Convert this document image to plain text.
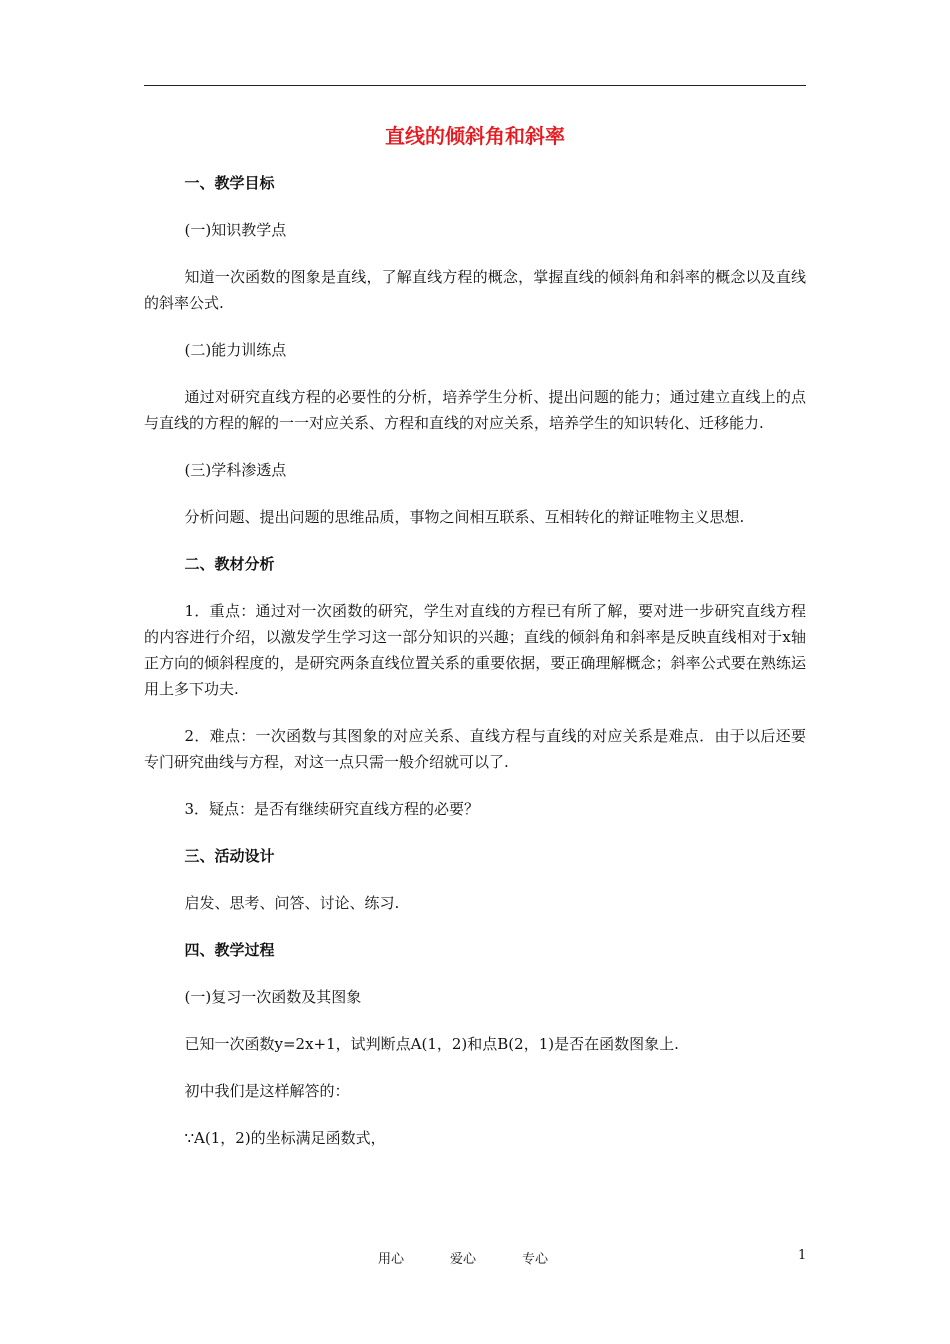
直线的倾斜角和斜率

一、教学目标

(一)知识教学点

知道一次函数的图象是直线，了解直线方程的概念，掌握直线的倾斜角和斜率的概念以及直线的斜率公式.

(二)能力训练点

通过对研究直线方程的必要性的分析，培养学生分析、提出问题的能力；通过建立直线上的点与直线的方程的解的一一对应关系、方程和直线的对应关系，培养学生的知识转化、迁移能力.

(三)学科渗透点

分析问题、提出问题的思维品质，事物之间相互联系、互相转化的辩证唯物主义思想.

二、教材分析

1．重点：通过对一次函数的研究，学生对直线的方程已有所了解，要对进一步研究直线方程的内容进行介绍，以激发学生学习这一部分知识的兴趣；直线的倾斜角和斜率是反映直线相对于x轴正方向的倾斜程度的，是研究两条直线位置关系的重要依据，要正确理解概念；斜率公式要在熟练运用上多下功夫.

2．难点：一次函数与其图象的对应关系、直线方程与直线的对应关系是难点．由于以后还要专门研究曲线与方程，对这一点只需一般介绍就可以了.

3．疑点：是否有继续研究直线方程的必要？

三、活动设计

启发、思考、问答、讨论、练习.

四、教学过程

(一)复习一次函数及其图象

已知一次函数y=2x+1，试判断点A(1，2)和点B(2，1)是否在函数图象上.

初中我们是这样解答的：

∵A(1，2)的坐标满足函数式，

用心	爱心	专心	1
